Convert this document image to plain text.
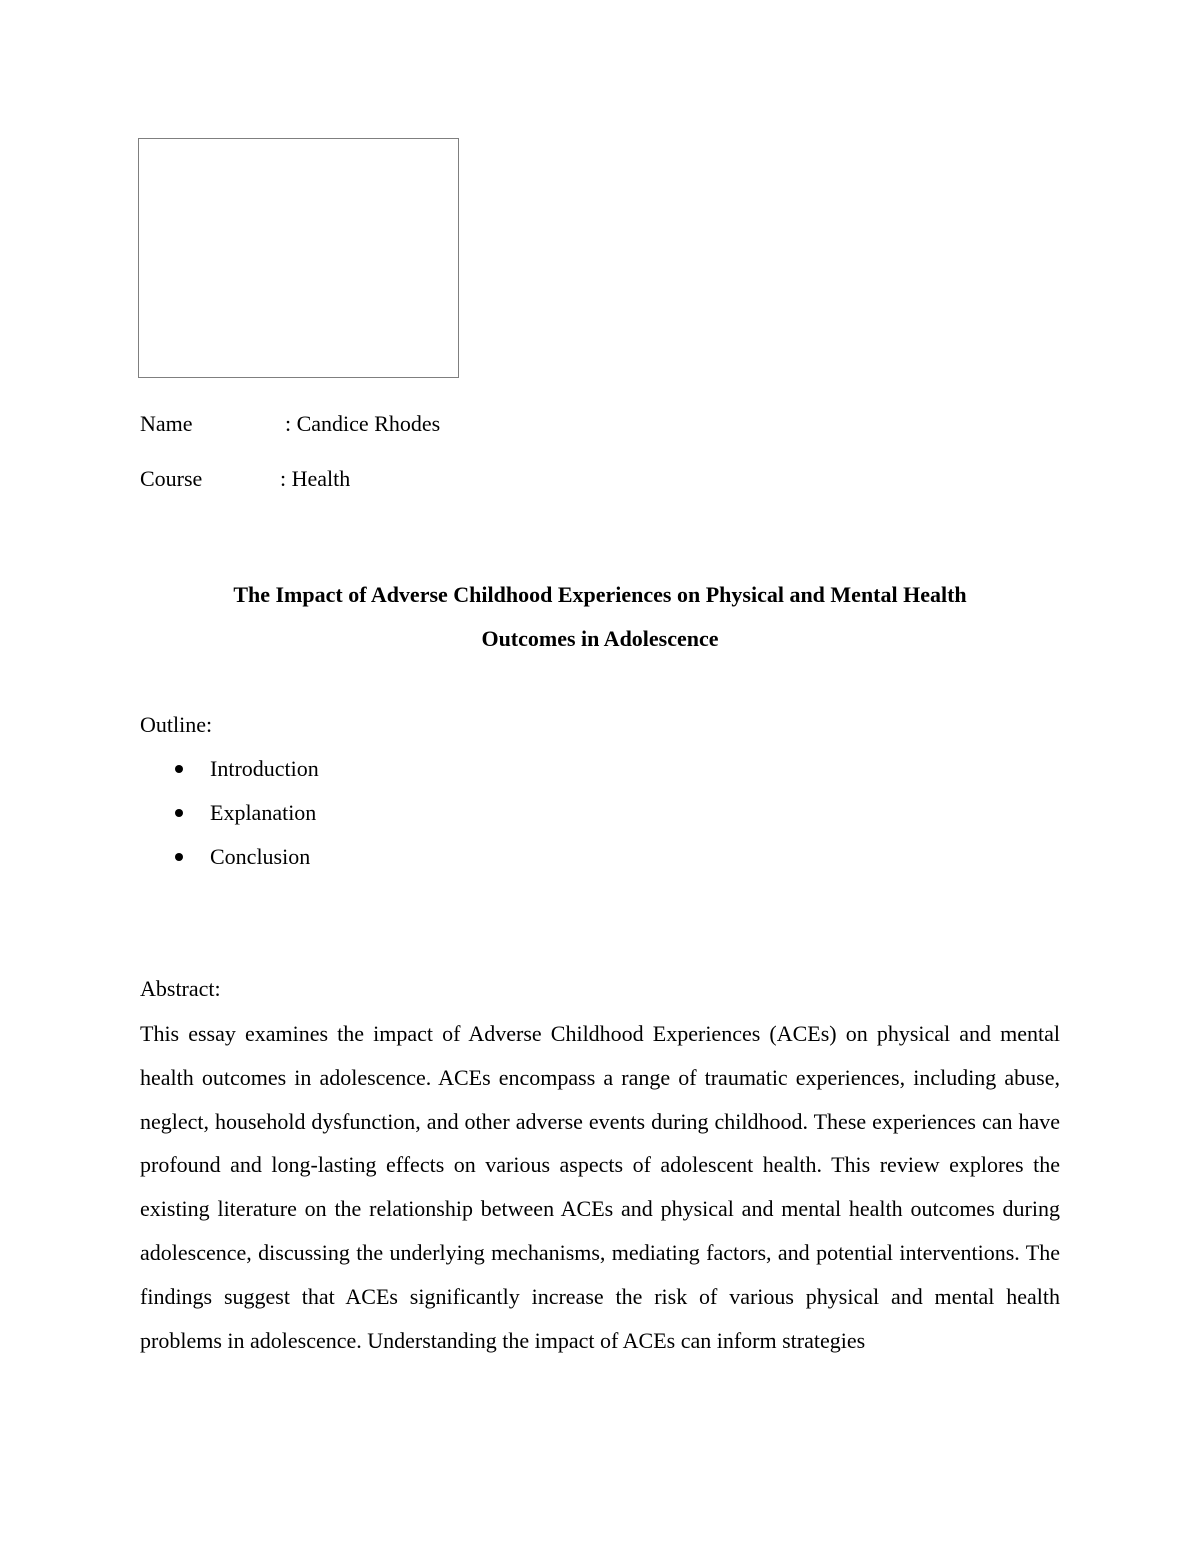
Name	: Candice Rhodes
Course	: Health
The Impact of Adverse Childhood Experiences on Physical and Mental Health
Outcomes in Adolescence
Outline:
Introduction
Explanation
Conclusion
Abstract:

This essay examines the impact of Adverse Childhood Experiences (ACEs) on physical and mental health outcomes in adolescence. ACEs encompass a range of traumatic experiences, including abuse, neglect, household dysfunction, and other adverse events during childhood. These experiences can have profound and long-lasting effects on various aspects of adolescent health. This review explores the existing literature on the relationship between ACEs and physical and mental health outcomes during adolescence, discussing the underlying mechanisms, mediating factors, and potential interventions. The findings suggest that ACEs significantly increase the risk of various physical and mental health problems in adolescence. Understanding the impact of ACEs can inform strategies
